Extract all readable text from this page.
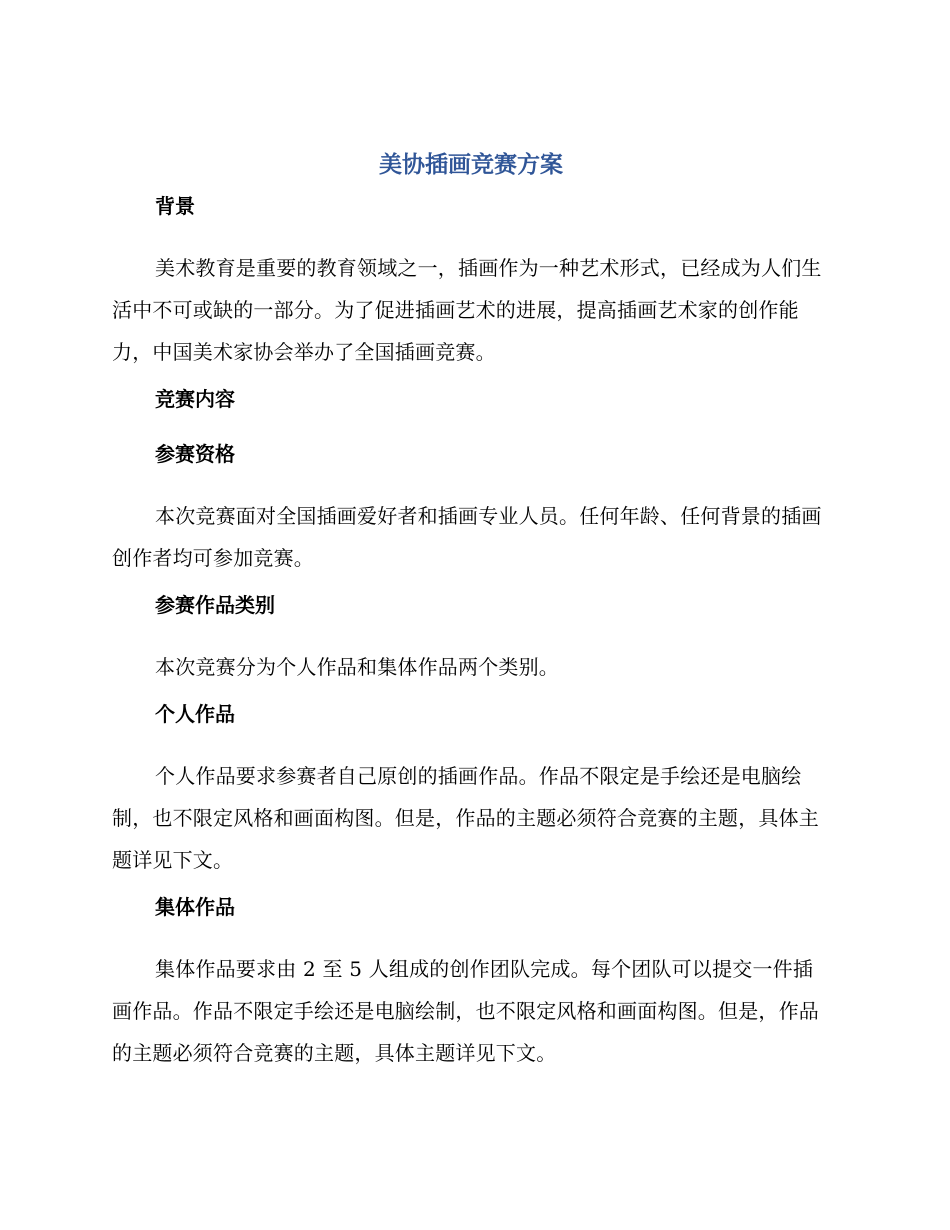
美协插画竞赛方案
背景

美术教育是重要的教育领域之一，插画作为一种艺术形式，已经成为人们生活中不可或缺的一部分。为了促进插画艺术的进展，提高插画艺术家的创作能力，中国美术家协会举办了全国插画竞赛。

竞赛内容
参赛资格

本次竞赛面对全国插画爱好者和插画专业人员。任何年龄、任何背景的插画创作者均可参加竞赛。

参赛作品类别

本次竞赛分为个人作品和集体作品两个类别。

个人作品

个人作品要求参赛者自己原创的插画作品。作品不限定是手绘还是电脑绘制，也不限定风格和画面构图。但是，作品的主题必须符合竞赛的主题，具体主题详见下文。

集体作品

集体作品要求由 2 至 5 人组成的创作团队完成。每个团队可以提交一件插画作品。作品不限定手绘还是电脑绘制，也不限定风格和画面构图。但是，作品的主题必须符合竞赛的主题，具体主题详见下文。
